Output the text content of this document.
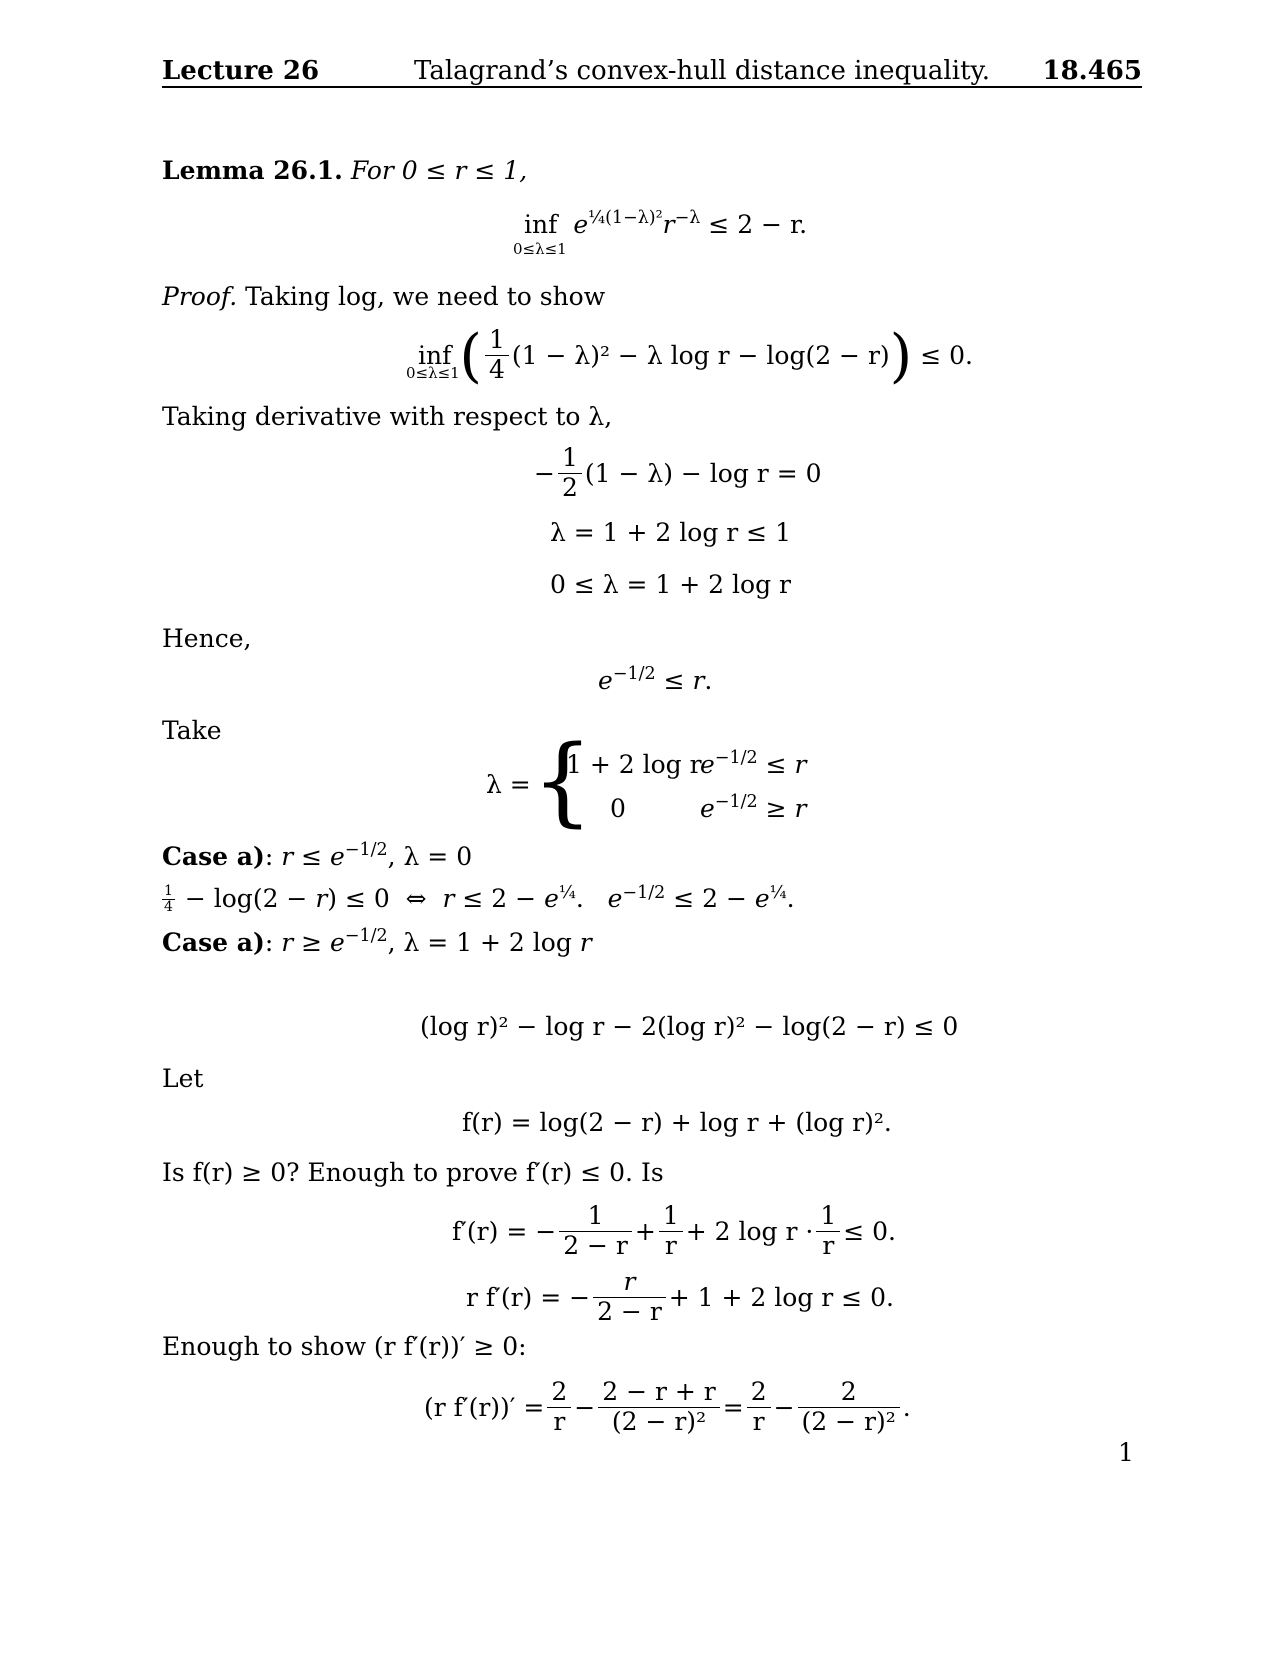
Lecture 26	Talagrand’s convex-hull distance inequality. 18.465
Lemma 26.1. For 0 ≤ r ≤ 1,
inf $e^{\frac{1}{4}(1-\lambda)^2}r^{-\lambda} \le 2 - r$.
0≤λ≤1
Proof. Taking log, we need to show
inf ( $\frac{1}{4} (1 - \lambda)^2 - \lambda$ log r − log(2 − r)) ≤ 0.
0≤λ≤1
Taking derivative with respect to λ,
− $\frac{1}{2} (1 - \lambda) - \log r = 0$
λ = 1 + 2 log r ≤ 1
0 ≤ λ = 1 + 2 log r
Hence,
$e^{-1/2} \le r$.
Take
λ = {
1 + 2 log r
$e^{-1/2} \le r$
0	$e^{-1/2} \ge r$
Case a): $r \le e^{-1/2}$, λ = 0
$\frac{1}{4} - \log(2 - r) \le 0$  ⇔  $r \le 2 - e^{\frac{1}{4}}$.   $e^{-1/2} \le 2 - e^{\frac{1}{4}}$.
Case a): $r \ge e^{-1/2}$, λ = 1 + 2 log r
(log r)² − log r − 2(log r)² − log(2 − r) ≤ 0
Let
f(r) = log(2 − r) + log r + (log r)².
Is f(r) ≥ 0? Enough to prove f′(r) ≤ 0. Is
f′(r) = − $\frac{1}{2 - r} + \frac{1}{r} + 2$ $\log r \cdot \frac{1}{r} \le 0$.
r f′(r) = − $\frac{r}{2 - r} + 1 + 2$ log r ≤ 0.
Enough to show (r f′(r))′ ≥ 0:
(r $f'(r))' = \frac{2}{r} - \frac{2 - r + r}{\text{(2 − r)²}} = \frac{2}{r} - \frac{2}{\text{(2 − r)²}}$ .
1
